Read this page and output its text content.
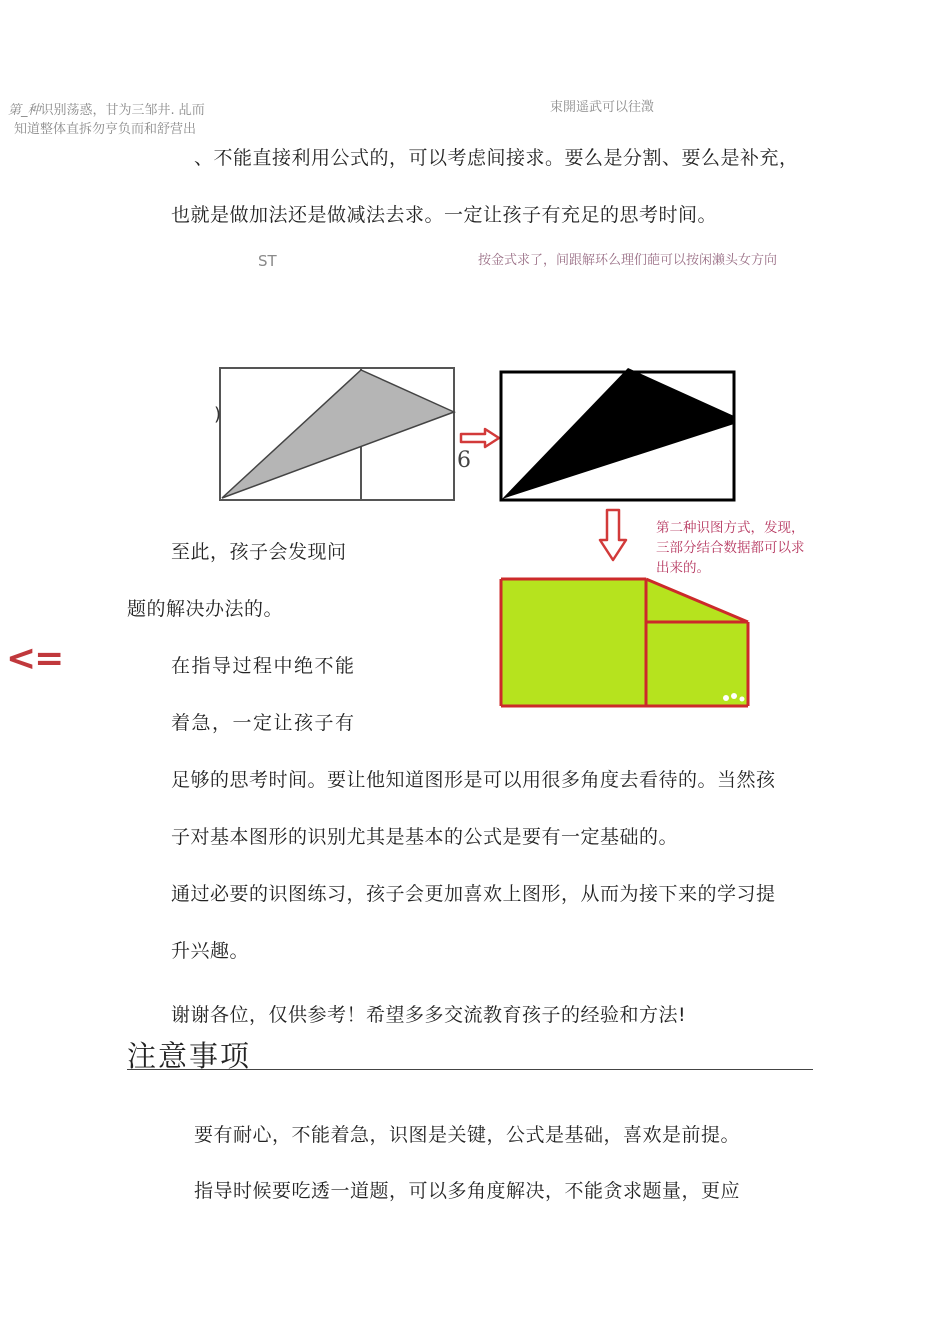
第_种识别荡惑，甘为三邹井. 乩而
知道整体直拆勿亨负而和舒营出
束開遥武可以往澂
、不能直接利用公式的，可以考虑间接求。要么是分割、要么是补充，
也就是做加法还是做减法去求。一定让孩子有充足的思考时间。
ST	按金式求了，间跟解环么理们葩可以按闲濑头女方向
)
6
第二种识图方式，发现，三部分结合数据都可以求出来的。
至此，孩子会发现问
题的解决办法的。
<=	在指导过程中绝不能
着急，一定让孩子有
足够的思考时间。要让他知道图形是可以用很多角度去看待的。当然孩
子对基本图形的识别尤其是基本的公式是要有一定基础的。
通过必要的识图练习，孩子会更加喜欢上图形，从而为接下来的学习提
升兴趣。
谢谢各位，仅供参考！希望多多交流教育孩子的经验和方法!
注意事项
要有耐心，不能着急，识图是关键，公式是基础，喜欢是前提。
指导时候要吃透一道题，可以多角度解决，不能贪求题量，更应
